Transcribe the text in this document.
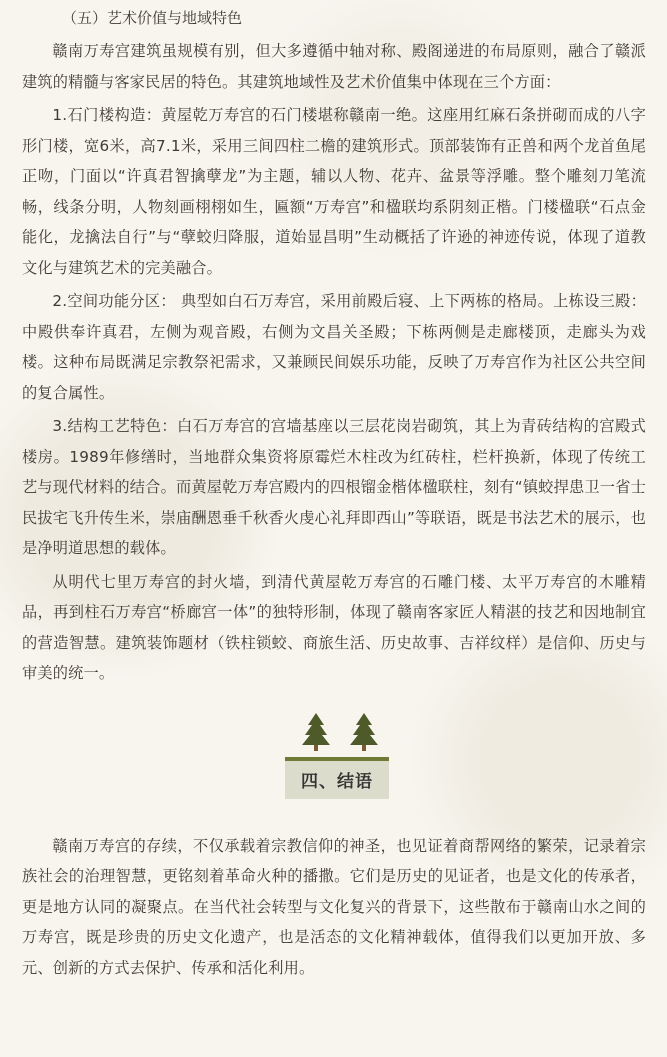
（五）艺术价值与地域特色

赣南万寿宫建筑虽规模有别，但大多遵循中轴对称、殿阁递进的布局原则，融合了赣派建筑的精髓与客家民居的特色。其建筑地域性及艺术价值集中体现在三个方面：

1.石门楼构造：黄屋乾万寿宫的石门楼堪称赣南一绝。这座用红麻石条拼砌而成的八字形门楼，宽6米，高7.1米，采用三间四柱二檐的建筑形式。顶部装饰有正兽和两个龙首鱼尾正吻，门面以“许真君智擒孽龙”为主题，辅以人物、花卉、盆景等浮雕。整个雕刻刀笔流畅，线条分明，人物刻画栩栩如生，匾额“万寿宫”和楹联均系阴刻正楷。门楼楹联“石点金能化，龙擒法自行”与“孽蛟归降服，道始显昌明”生动概括了许逊的神迹传说，体现了道教文化与建筑艺术的完美融合。

2.空间功能分区： 典型如白石万寿宫，采用前殿后寝、上下两栋的格局。上栋设三殿：中殿供奉许真君，左侧为观音殿，右侧为文昌关圣殿；下栋两侧是走廊楼顶，走廊头为戏楼。这种布局既满足宗教祭祀需求，又兼顾民间娱乐功能，反映了万寿宫作为社区公共空间的复合属性。

3.结构工艺特色：白石万寿宫的宫墙基座以三层花岗岩砌筑，其上为青砖结构的宫殿式楼房。1989年修缮时，当地群众集资将原霉烂木柱改为红砖柱，栏杆换新，体现了传统工艺与现代材料的结合。而黄屋乾万寿宫殿内的四根镏金楷体楹联柱，刻有“镇蛟捍患卫一省士民拔宅飞升传生米，崇庙酬恩垂千秋香火虔心礼拜即西山”等联语，既是书法艺术的展示，也是净明道思想的载体。

从明代七里万寿宫的封火墙，到清代黄屋乾万寿宫的石雕门楼、太平万寿宫的木雕精品，再到柱石万寿宫“桥廊宫一体”的独特形制，体现了赣南客家匠人精湛的技艺和因地制宜的营造智慧。建筑装饰题材（铁柱锁蛟、商旅生活、历史故事、吉祥纹样）是信仰、历史与审美的统一。

四、结语

赣南万寿宫的存续，不仅承载着宗教信仰的神圣，也见证着商帮网络的繁荣，记录着宗族社会的治理智慧，更铭刻着革命火种的播撒。它们是历史的见证者，也是文化的传承者，更是地方认同的凝聚点。在当代社会转型与文化复兴的背景下，这些散布于赣南山水之间的万寿宫，既是珍贵的历史文化遗产，也是活态的文化精神载体，值得我们以更加开放、多元、创新的方式去保护、传承和活化利用。
